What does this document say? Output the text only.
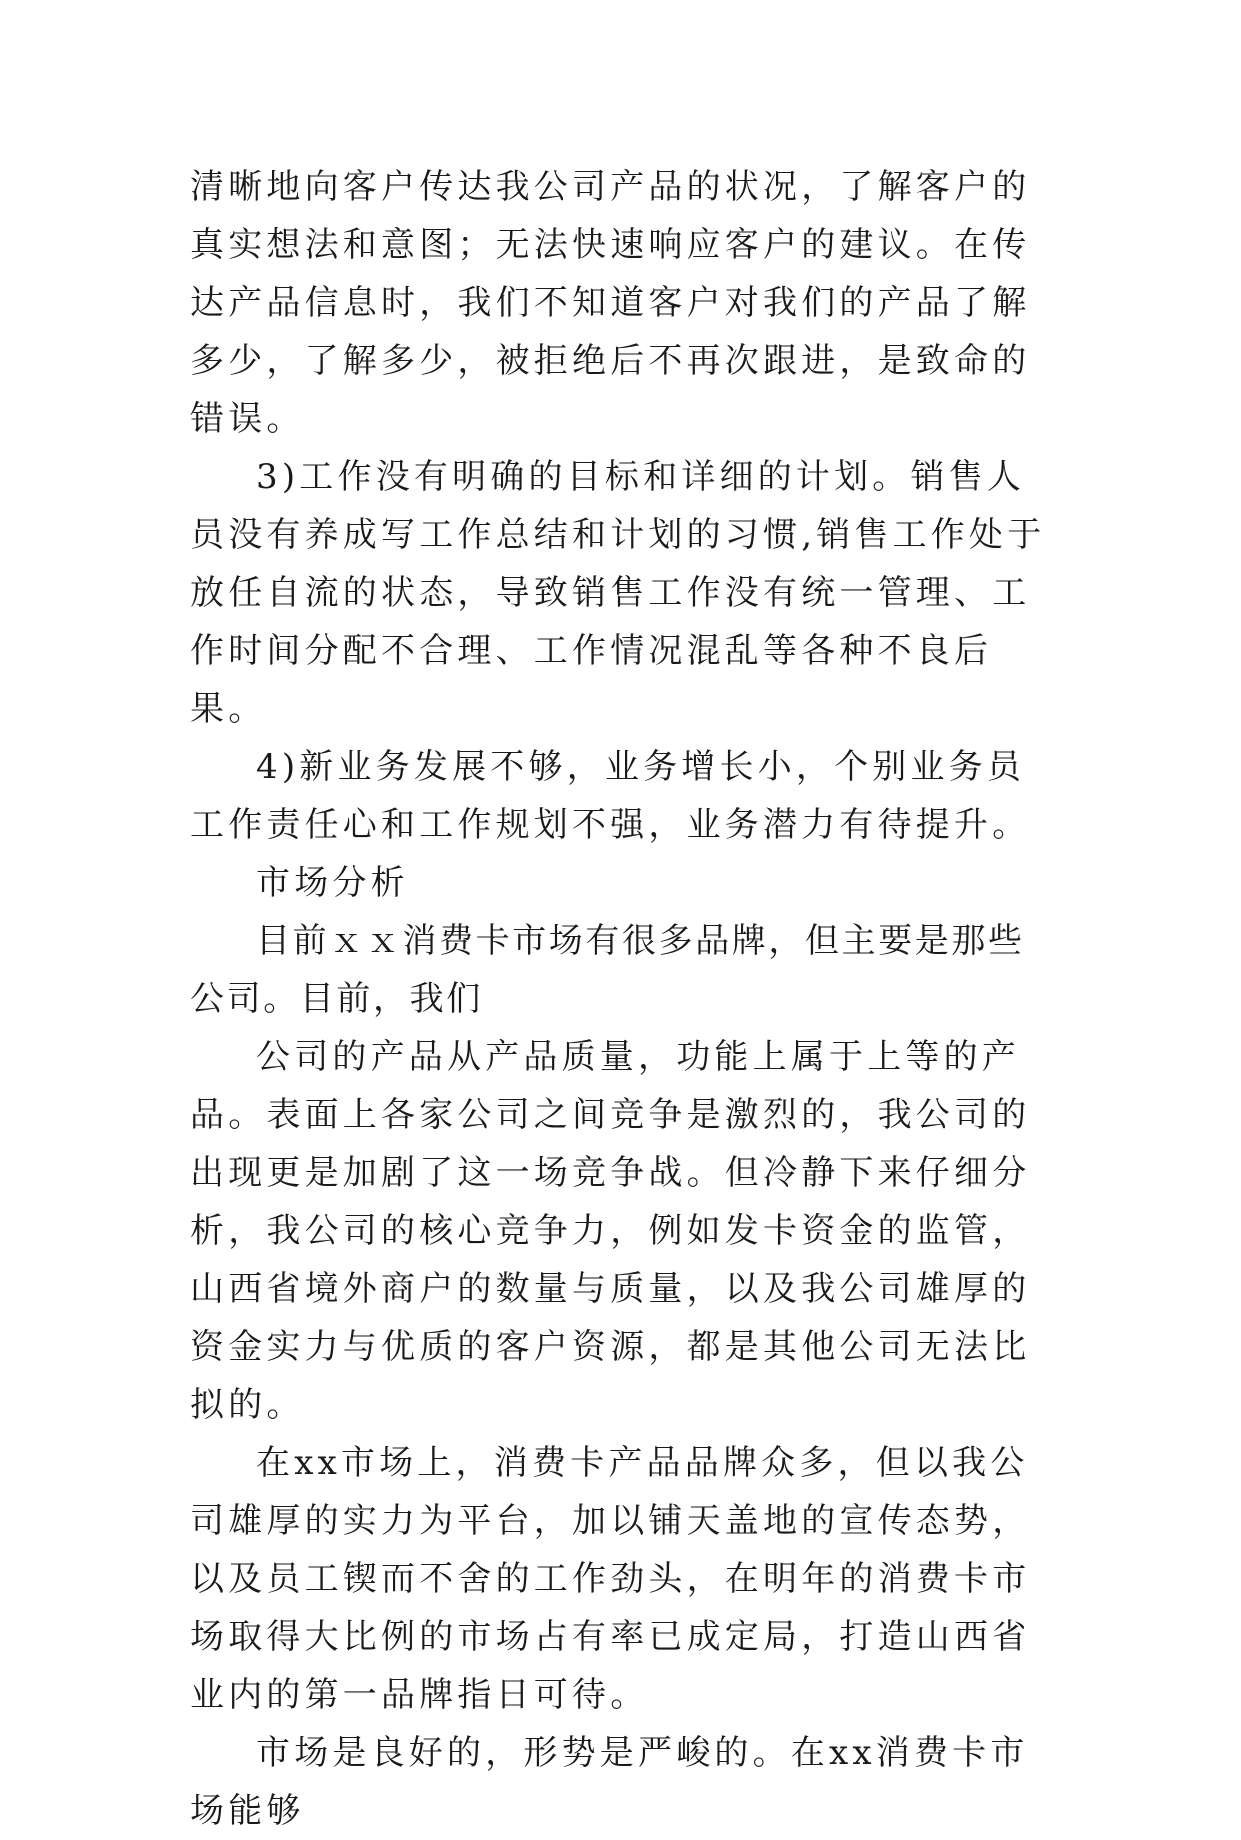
清晰地向客户传达我公司产品的状况，了解客户的真实想法和意图；无法快速响应客户的建议。在传达产品信息时，我们不知道客户对我们的产品了解多少，了解多少，被拒绝后不再次跟进，是致命的错误。

3)工作没有明确的目标和详细的计划。销售人员没有养成写工作总结和计划的习惯,销售工作处于放任自流的状态，导致销售工作没有统一管理、工作时间分配不合理、工作情况混乱等各种不良后果。

4)新业务发展不够，业务增长小，个别业务员工作责任心和工作规划不强，业务潜力有待提升。

市场分析

目前ｘｘ消费卡市场有很多品牌，但主要是那些公司。目前，我们

公司的产品从产品质量，功能上属于上等的产品。表面上各家公司之间竞争是激烈的，我公司的出现更是加剧了这一场竞争战。但冷静下来仔细分析，我公司的核心竞争力，例如发卡资金的监管，山西省境外商户的数量与质量，以及我公司雄厚的资金实力与优质的客户资源，都是其他公司无法比拟的。

在xx市场上，消费卡产品品牌众多，但以我公司雄厚的实力为平台，加以铺天盖地的宣传态势，以及员工锲而不舍的工作劲头，在明年的消费卡市场取得大比例的市场占有率已成定局，打造山西省业内的第一品牌指日可待。

市场是良好的，形势是严峻的。在xx消费卡市场能够
